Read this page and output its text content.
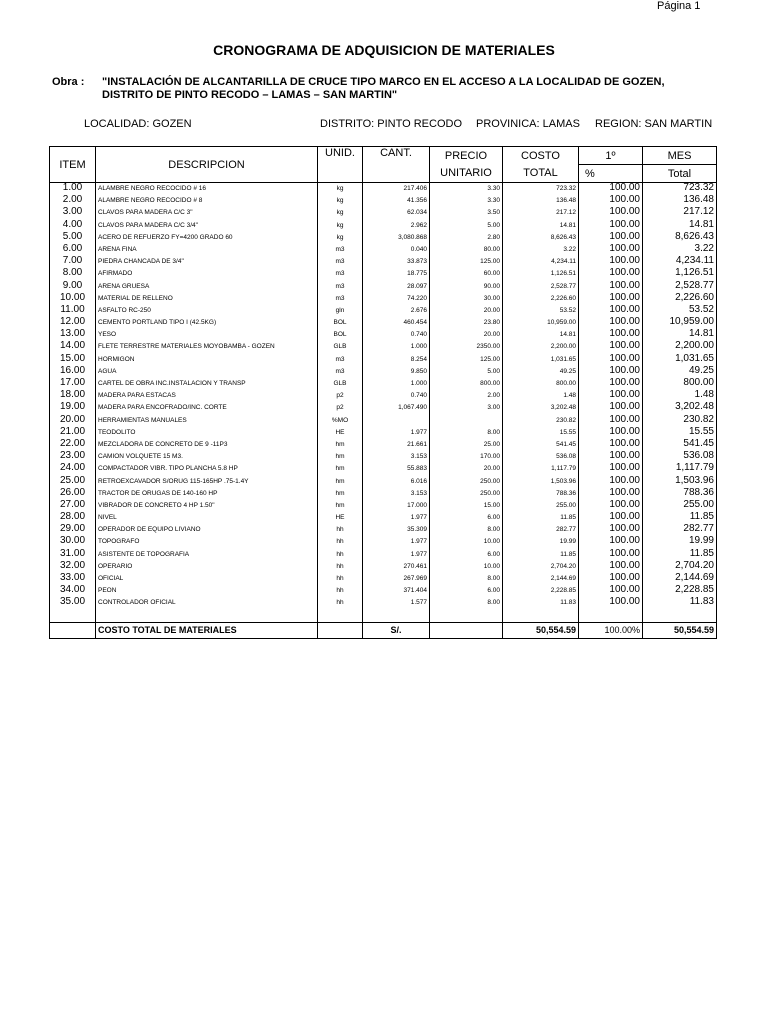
Página 1
CRONOGRAMA DE ADQUISICION DE MATERIALES
Obra : "INSTALACIÓN DE ALCANTARILLA DE CRUCE TIPO MARCO EN EL ACCESO A LA LOCALIDAD DE GOZEN,
DISTRITO DE PINTO RECODO – LAMAS – SAN MARTIN"
LOCALIDAD: GOZEN	DISTRITO: PINTO RECODO PROVINICA: LAMAS REGION: SAN MARTIN
ITEM	DESCRIPCION	UNID.	CANT.	PRECIO	COSTO	1º	MES
				UNITARIO	TOTAL	%	Total
1.00	ALAMBRE NEGRO RECOCIDO # 16	kg	217.406	3.30	723.32	100.00	723.32
2.00	ALAMBRE NEGRO RECOCIDO # 8	kg	41.356	3.30	136.48	100.00	136.48
3.00	CLAVOS PARA MADERA C/C 3"	kg	62.034	3.50	217.12	100.00	217.12
4.00	CLAVOS PARA MADERA C/C 3/4"	kg	2.962	5.00	14.81	100.00	14.81
5.00	ACERO DE REFUERZO FY=4200 GRADO 60	kg	3,080.868	2.80	8,626.43	100.00	8,626.43
6.00	ARENA FINA	m3	0.040	80.00	3.22	100.00	3.22
7.00	PIEDRA CHANCADA DE 3/4"	m3	33.873	125.00	4,234.11	100.00	4,234.11
8.00	AFIRMADO	m3	18.775	60.00	1,126.51	100.00	1,126.51
9.00	ARENA GRUESA	m3	28.097	90.00	2,528.77	100.00	2,528.77
10.00	MATERIAL DE RELLENO	m3	74.220	30.00	2,226.60	100.00	2,226.60
11.00	ASFALTO RC-250	gln	2.676	20.00	53.52	100.00	53.52
12.00	CEMENTO PORTLAND TIPO I (42.5KG)	BOL	460.454	23.80	10,959.00	100.00	10,959.00
13.00	YESO	BOL	0.740	20.00	14.81	100.00	14.81
14.00	FLETE TERRESTRE MATERIALES MOYOBAMBA - GOZEN	GLB	1.000	2350.00	2,200.00	100.00	2,200.00
15.00	HORMIGON	m3	8.254	125.00	1,031.65	100.00	1,031.65
16.00	AGUA	m3	9.850	5.00	49.25	100.00	49.25
17.00	CARTEL DE OBRA INC.INSTALACION Y TRANSP	GLB	1.000	800.00	800.00	100.00	800.00
18.00	MADERA PARA ESTACAS	p2	0.740	2.00	1.48	100.00	1.48
19.00	MADERA PARA ENCOFRADO/INC. CORTE	p2	1,067.490	3.00	3,202.48	100.00	3,202.48
20.00	HERRAMIENTAS MANUALES	%MO			230.82	100.00	230.82
21.00	TEODOLITO	HE	1.977	8.00	15.55	100.00	15.55
22.00	MEZCLADORA DE CONCRETO DE 9 -11P3	hm	21.661	25.00	541.45	100.00	541.45
23.00	CAMION VOLQUETE 15 M3.	hm	3.153	170.00	536.08	100.00	536.08
24.00	COMPACTADOR VIBR. TIPO PLANCHA 5.8 HP	hm	55.883	20.00	1,117.79	100.00	1,117.79
25.00	RETROEXCAVADOR S/ORUG 115-165HP .75-1.4Y	hm	6.016	250.00	1,503.96	100.00	1,503.96
26.00	TRACTOR DE ORUGAS DE 140-160 HP	hm	3.153	250.00	788.36	100.00	788.36
27.00	VIBRADOR DE CONCRETO 4 HP 1.50"	hm	17.000	15.00	255.00	100.00	255.00
28.00	NIVEL	HE	1.977	6.00	11.85	100.00	11.85
29.00	OPERADOR DE EQUIPO LIVIANO	hh	35.309	8.00	282.77	100.00	282.77
30.00	TOPOGRAFO	hh	1.977	10.00	19.99	100.00	19.99
31.00	ASISTENTE DE TOPOGRAFIA	hh	1.977	6.00	11.85	100.00	11.85
32.00	OPERARIO	hh	270.461	10.00	2,704.20	100.00	2,704.20
33.00	OFICIAL	hh	267.969	8.00	2,144.69	100.00	2,144.69
34.00	PEON	hh	371.404	6.00	2,228.85	100.00	2,228.85
35.00	CONTROLADOR OFICIAL	hh	1.577	8.00	11.83	100.00	11.83

	COSTO TOTAL DE MATERIALES		S/.		50,554.59	100.00%	50,554.59
